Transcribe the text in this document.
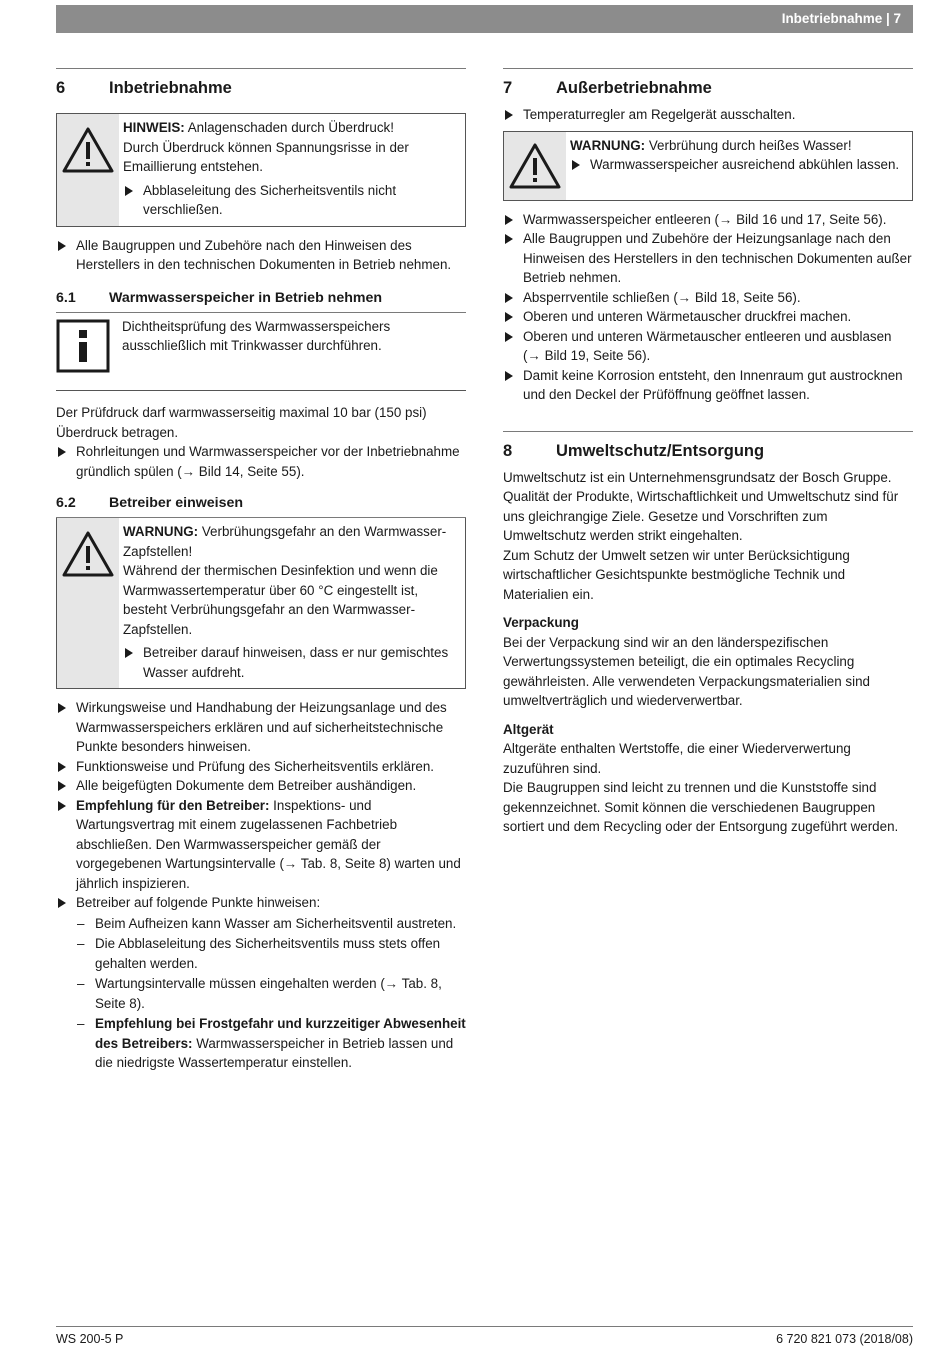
Inbetriebnahme | 7
6	Inbetriebnahme

HINWEIS: Anlagenschaden durch Überdruck!

Durch Überdruck können Spannungsrisse in der Emaillierung entstehen.

Abblaseleitung des Sicherheitsventils nicht verschließen.

Alle Baugruppen und Zubehöre nach den Hinweisen des Herstellers in den technischen Dokumenten in Betrieb nehmen.

6.1 Warmwasserspeicher in Betrieb nehmen
Dichtheitsprüfung des Warmwasserspeichers ausschließlich mit Trinkwasser durchführen.

Der Prüfdruck darf warmwasserseitig maximal 10 bar (150 psi) Überdruck betragen.

Rohrleitungen und Warmwasserspeicher vor der Inbetriebnahme gründlich spülen (→ Bild 14, Seite 55).

6.2 Betreiber einweisen

WARNUNG: Verbrühungsgefahr an den Warmwasser-Zapfstellen!

Während der thermischen Desinfektion und wenn die Warmwassertemperatur über 60 °C eingestellt ist, besteht Verbrühungsgefahr an den Warmwasser-Zapfstellen.

Betreiber darauf hinweisen, dass er nur gemischtes Wasser aufdreht.

Wirkungsweise und Handhabung der Heizungsanlage und des Warmwasserspeichers erklären und auf sicherheitstechnische Punkte besonders hinweisen.

Funktionsweise und Prüfung des Sicherheitsventils erklären.

Alle beigefügten Dokumente dem Betreiber aushändigen.

Empfehlung für den Betreiber: Inspektions- und Wartungsvertrag mit einem zugelassenen Fachbetrieb abschließen. Den Warmwasserspeicher gemäß der vorgegebenen Wartungsintervalle (→ Tab. 8, Seite 8) warten und jährlich inspizieren.

Betreiber auf folgende Punkte hinweisen:

– Beim Aufheizen kann Wasser am Sicherheitsventil austreten.

– Die Abblaseleitung des Sicherheitsventils muss stets offen gehalten werden.

– Wartungsintervalle müssen eingehalten werden (→ Tab. 8, Seite 8).

– Empfehlung bei Frostgefahr und kurzzeitiger Abwesenheit des Betreibers: Warmwasserspeicher in Betrieb lassen und die niedrigste Wassertemperatur einstellen.

7	Außerbetriebnahme

Temperaturregler am Regelgerät ausschalten.

WARNUNG: Verbrühung durch heißes Wasser!

Warmwasserspeicher ausreichend abkühlen lassen.

Warmwasserspeicher entleeren (→ Bild 16 und 17, Seite 56).

Alle Baugruppen und Zubehöre der Heizungsanlage nach den Hinweisen des Herstellers in den technischen Dokumenten außer Betrieb nehmen.

Absperrventile schließen (→ Bild 18, Seite 56).

Oberen und unteren Wärmetauscher druckfrei machen.

Oberen und unteren Wärmetauscher entleeren und ausblasen (→ Bild 19, Seite 56).

Damit keine Korrosion entsteht, den Innenraum gut austrocknen und den Deckel der Prüföffnung geöffnet lassen.

8	Umweltschutz/Entsorgung

Umweltschutz ist ein Unternehmensgrundsatz der Bosch Gruppe. Qualität der Produkte, Wirtschaftlichkeit und Umweltschutz sind für uns gleichrangige Ziele. Gesetze und Vorschriften zum Umweltschutz werden strikt eingehalten.

Zum Schutz der Umwelt setzen wir unter Berücksichtigung wirtschaftlicher Gesichtspunkte bestmögliche Technik und Materialien ein.

Verpackung

Bei der Verpackung sind wir an den länderspezifischen Verwertungssystemen beteiligt, die ein optimales Recycling gewährleisten. Alle verwendeten Verpackungsmaterialien sind umweltverträglich und wiederverwertbar.

Altgerät

Altgeräte enthalten Wertstoffe, die einer Wiederverwertung zuzuführen sind.

Die Baugruppen sind leicht zu trennen und die Kunststoffe sind gekennzeichnet. Somit können die verschiedenen Baugruppen sortiert und dem Recycling oder der Entsorgung zugeführt werden.

WS 200-5 P	6 720 821 073 (2018/08)
